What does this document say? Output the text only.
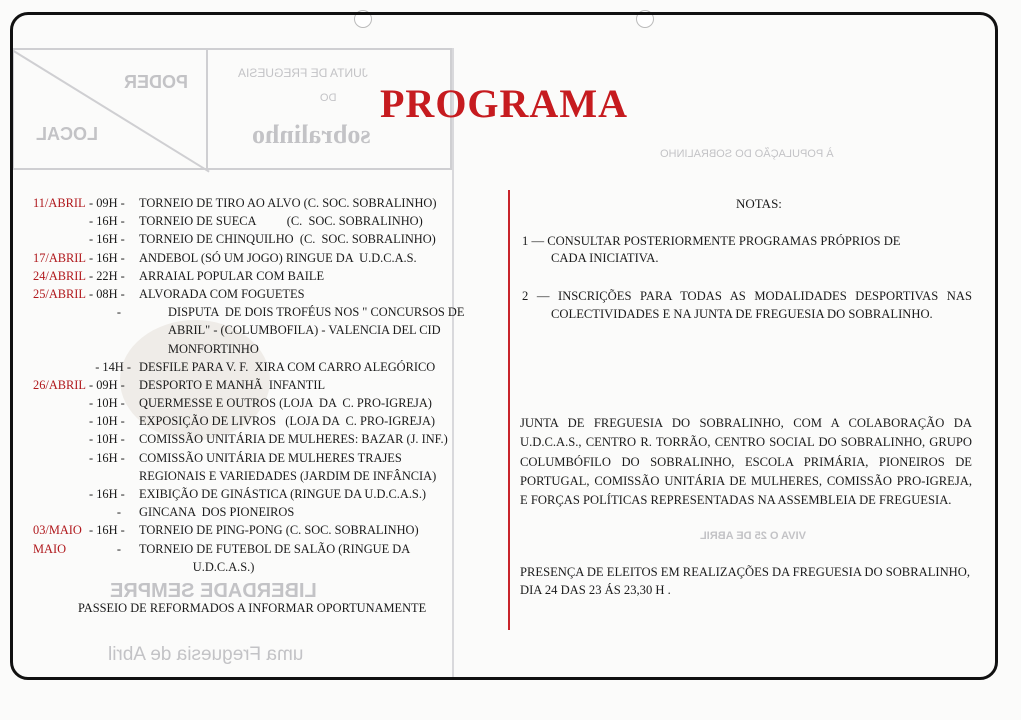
PODER
LOCAL
JUNTA DE FREGUESIA
DO
sobralinho
À POPULAÇÃO DO SOBRALINHO
VIVA O 25 DE ABRIL
LIBERDADE SEMPRE
uma Freguesia de Abril
PROGRAMA
11/ABRIL - 09H - TORNEIO DE TIRO AO ALVO (C. SOC. SOBRALINHO)
- 16H - TORNEIO DE SUECA          (C.  SOC. SOBRALINHO)
- 16H - TORNEIO DE CHINQUILHO  (C.  SOC. SOBRALINHO)
17/ABRIL - 16H - ANDEBOL (SÓ UM JOGO) RINGUE DA  U.D.C.A.S.
24/ABRIL - 22H - ARRAIAL POPULAR COM BAILE
25/ABRIL - 08H - ALVORADA COM FOGUETES
-	DISPUTA  DE DOIS TROFÉUS NOS " CONCURSOS DE
ABRIL" - (COLUMBOFILA) - VALENCIA DEL CID
MONFORTINHO
- 14H - DESFILE PARA V. F.  XIRA COM CARRO ALEGÓRICO
26/ABRIL - 09H - DESPORTO E MANHÃ  INFANTIL
- 10H - QUERMESSE E OUTROS (LOJA  DA  C. PRO-IGREJA)
- 10H - EXPOSIÇÃO DE LIVROS   (LOJA DA  C. PRO-IGREJA)
- 10H - COMISSÃO UNITÁRIA DE MULHERES: BAZAR (J. INF.)
- 16H - COMISSÃO UNITÁRIA DE MULHERES TRAJES
REGIONAIS E VARIEDADES (JARDIM DE INFÂNCIA)
- 16H - EXIBIÇÃO DE GINÁSTICA (RINGUE DA U.D.C.A.S.)
- GINCANA  DOS PIONEIROS
03/MAIO - 16H - TORNEIO DE PING-PONG (C. SOC. SOBRALINHO)
MAIO - TORNEIO DE FUTEBOL DE SALÃO (RINGUE DA
U.D.C.A.S.)
PASSEIO DE REFORMADOS A INFORMAR OPORTUNAMENTE
NOTAS:
1 — CONSULTAR POSTERIORMENTE PROGRAMAS PRÓPRIOS DE
CADA INICIATIVA.
2 — INSCRIÇÕES PARA TODAS AS MODALIDADES DESPORTIVAS NAS
COLECTIVIDADES E NA JUNTA DE FREGUESIA DO SOBRALINHO.
JUNTA DE FREGUESIA DO SOBRALINHO, COM A COLABORAÇÃO DA U.D.C.A.S., CENTRO R. TORRÃO, CENTRO SOCIAL DO SOBRALINHO, GRUPO COLUMBÓFILO DO SOBRALINHO, ESCOLA PRIMÁRIA, PIONEIROS DE PORTUGAL, COMISSÃO UNITÁRIA DE MULHERES, COMISSÃO PRO-IGREJA, E FORÇAS POLÍTICAS REPRESENTADAS NA ASSEMBLEIA DE FREGUESIA.
PRESENÇA DE ELEITOS EM REALIZAÇÕES DA FREGUESIA DO SOBRALINHO,
DIA 24 DAS 23 ÁS 23,30 H .
